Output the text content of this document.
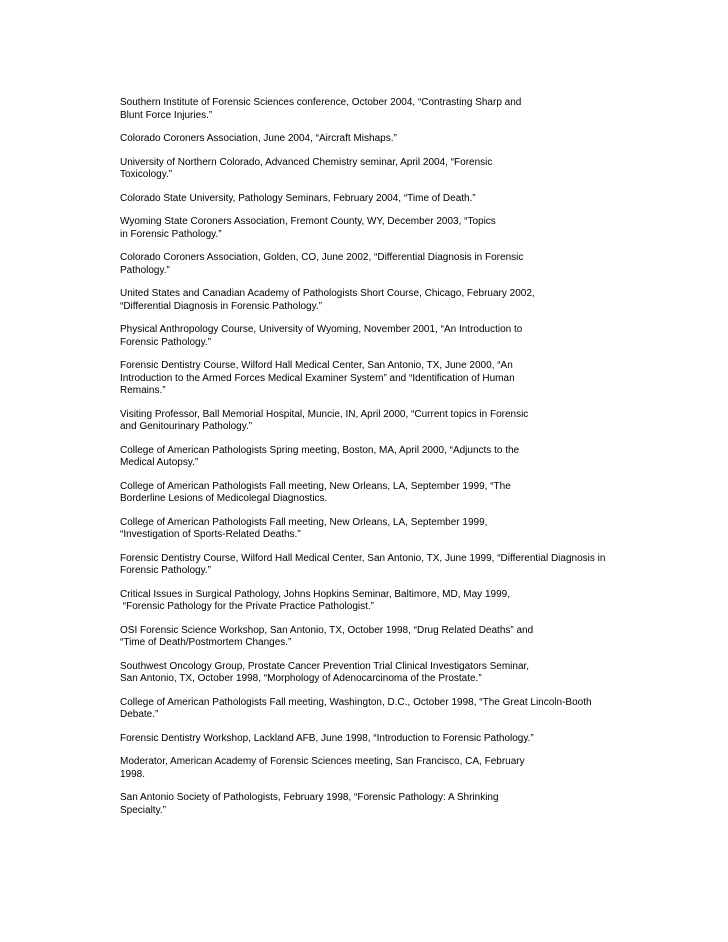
Southern Institute of Forensic Sciences conference, October 2004, “Contrasting Sharp and
Blunt Force Injuries.”
Colorado Coroners Association, June 2004, “Aircraft Mishaps.”
University of Northern Colorado, Advanced Chemistry seminar, April 2004, “Forensic
Toxicology.”
Colorado State University, Pathology Seminars, February 2004, “Time of Death.”
Wyoming State Coroners Association, Fremont County, WY, December 2003, “Topics
in Forensic Pathology.”
Colorado Coroners Association, Golden, CO, June 2002, “Differential Diagnosis in Forensic
Pathology.”
United States and Canadian Academy of Pathologists Short Course, Chicago, February 2002,
“Differential Diagnosis in Forensic Pathology.”
Physical Anthropology Course, University of Wyoming, November 2001, “An Introduction to
Forensic Pathology.”
Forensic Dentistry Course, Wilford Hall Medical Center, San Antonio, TX, June 2000, “An
Introduction to the Armed Forces Medical Examiner System” and “Identification of Human
Remains.”
Visiting Professor, Ball Memorial Hospital, Muncie, IN, April 2000, “Current topics in Forensic
and Genitourinary Pathology.”
College of American Pathologists Spring meeting, Boston, MA, April 2000, “Adjuncts to the
Medical Autopsy.”
College of American Pathologists Fall meeting, New Orleans, LA, September 1999, “The
Borderline Lesions of Medicolegal Diagnostics.
College of American Pathologists Fall meeting, New Orleans, LA, September 1999,
“Investigation of Sports-Related Deaths.”
Forensic Dentistry Course, Wilford Hall Medical Center, San Antonio, TX, June 1999, “Differential Diagnosis in
Forensic Pathology.”
Critical Issues in Surgical Pathology, Johns Hopkins Seminar, Baltimore, MD, May 1999,
“Forensic Pathology for the Private Practice Pathologist.”
OSI Forensic Science Workshop, San Antonio, TX, October 1998, “Drug Related Deaths” and
“Time of Death/Postmortem Changes.”
Southwest Oncology Group, Prostate Cancer Prevention Trial Clinical Investigators Seminar,
San Antonio, TX, October 1998, “Morphology of Adenocarcinoma of the Prostate.”
College of American Pathologists Fall meeting, Washington, D.C., October 1998, “The Great Lincoln-Booth
Debate.”
Forensic Dentistry Workshop, Lackland AFB, June 1998, “Introduction to Forensic Pathology.”
Moderator, American Academy of Forensic Sciences meeting, San Francisco, CA, February
1998.
San Antonio Society of Pathologists, February 1998, “Forensic Pathology: A Shrinking
Specialty.”
